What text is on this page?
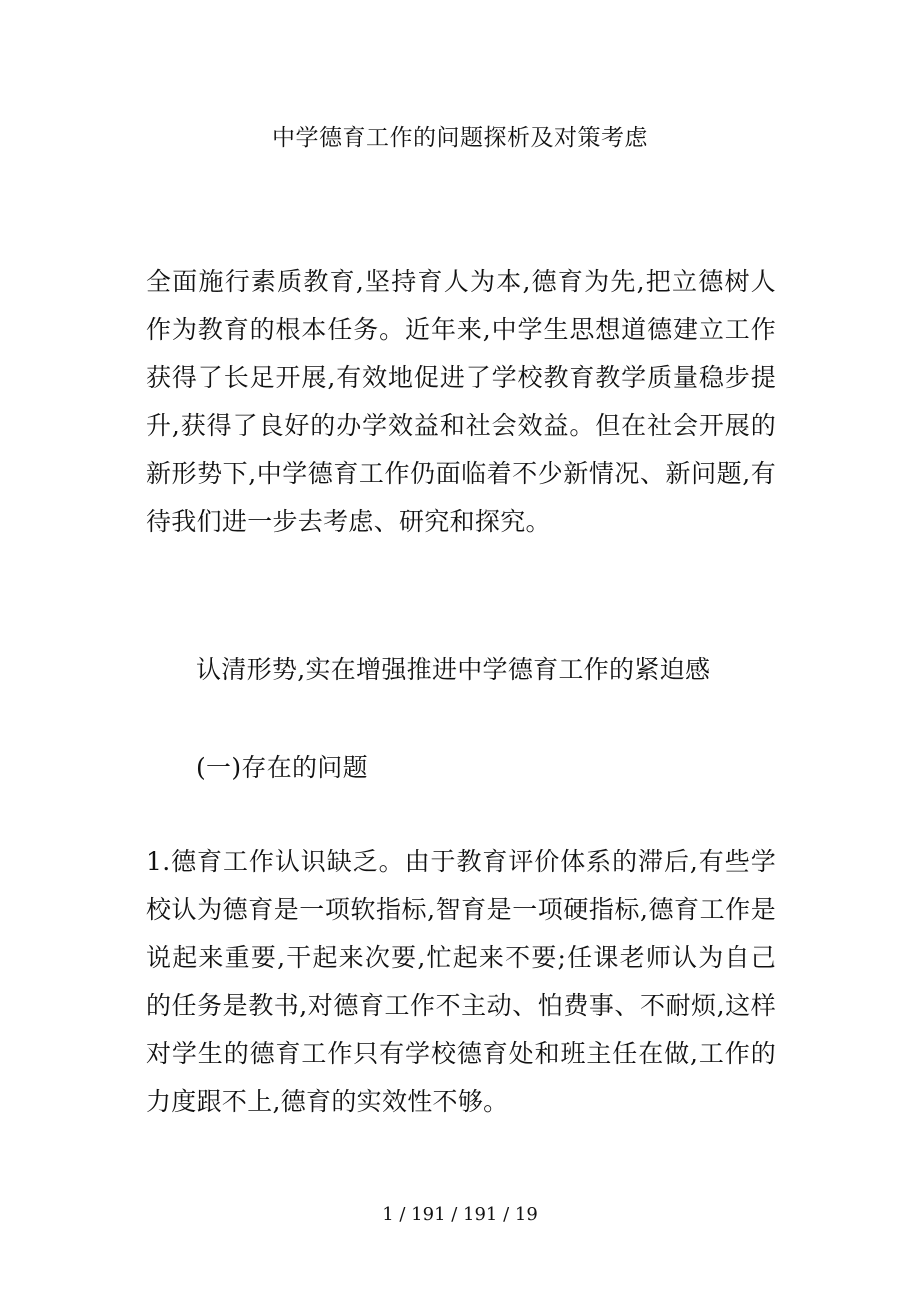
中学德育工作的问题探析及对策考虑

全面施行素质教育,坚持育人为本,德育为先,把立德树人作为教育的根本任务。近年来,中学生思想道德建立工作获得了长足开展,有效地促进了学校教育教学质量稳步提升,获得了良好的办学效益和社会效益。但在社会开展的新形势下,中学德育工作仍面临着不少新情况、新问题,有待我们进一步去考虑、研究和探究。

认清形势,实在增强推进中学德育工作的紧迫感

(一)存在的问题

1.德育工作认识缺乏。由于教育评价体系的滞后,有些学校认为德育是一项软指标,智育是一项硬指标,德育工作是说起来重要,干起来次要,忙起来不要;任课老师认为自己的任务是教书,对德育工作不主动、怕费事、不耐烦,这样对学生的德育工作只有学校德育处和班主任在做,工作的力度跟不上,德育的实效性不够。

1 / 191 / 191 / 19
